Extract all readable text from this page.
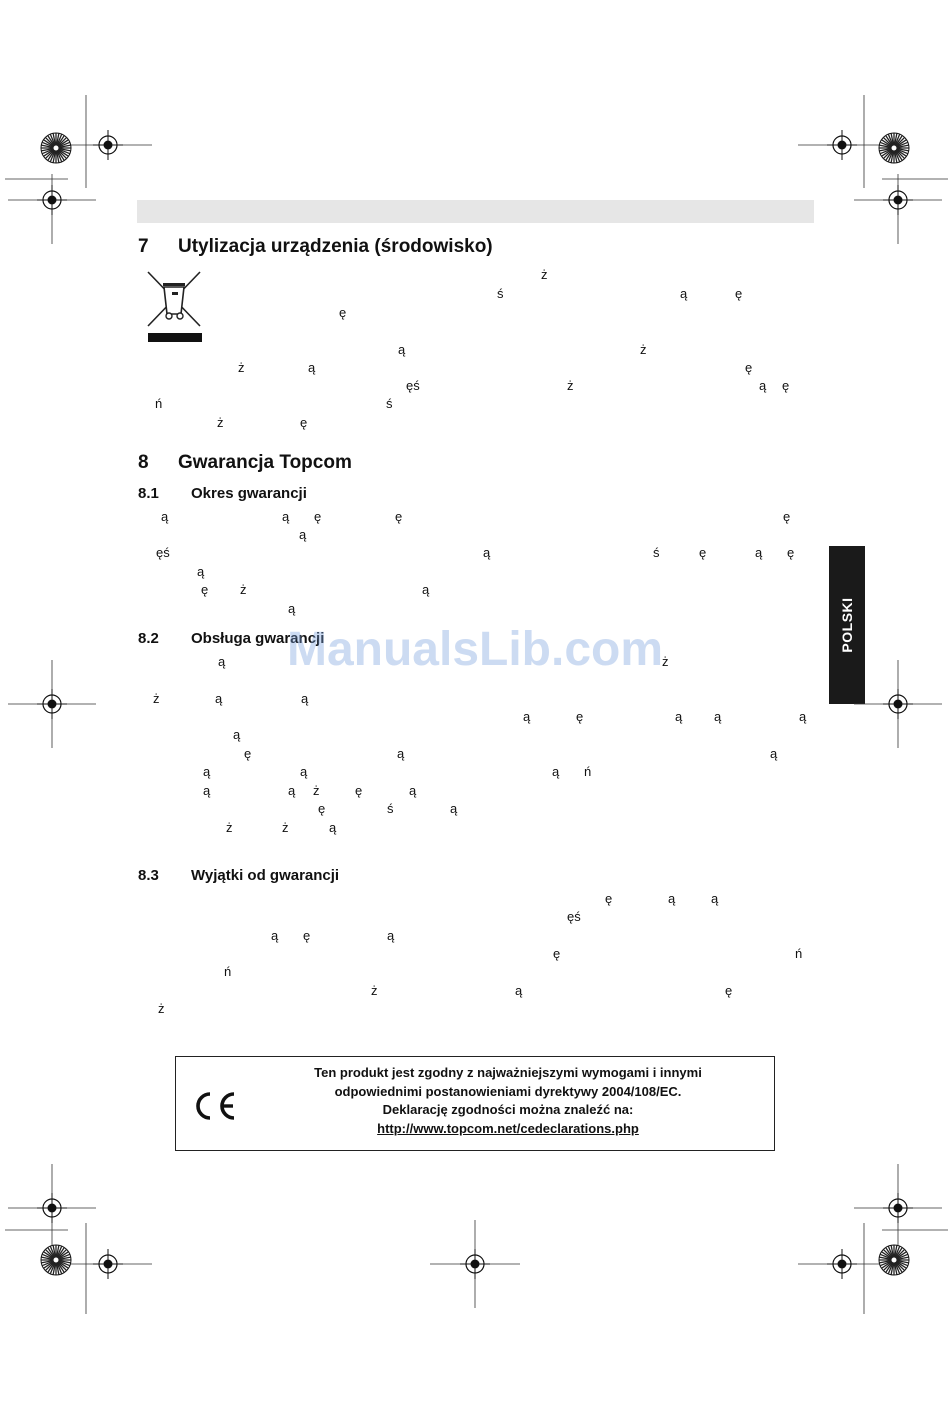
7 Utylizacja urządzenia (środowisko)
ż
ś	ą	ę
ę
ą	ż
ż	ą	ę
ęś	ż	ą ę
ń	ś
ż	ę
8 Gwarancja Topcom
8.1 Okres gwarancji
ą	ą ę	ę	ę
ą
ęś	ą	ś	ę	ą ę
ą
ę ż	ą
ą
8.2 Obsługa gwarancji
ą	ż
ż	ą	ą
ą	ę	ą ą	ą
ą
ę	ą	ą
ą	ą	ą ń
ą	ą ż	ę	ą
ę	ś	ą
ż	ż	ą
8.3 Wyjątki od gwarancji
ę	ą	ą
ęś
ą ę	ą
ę	ń
ń
ż	ą	ę
ż
POLSKI
Ten produkt jest zgodny z najważniejszymi wymogami i innymi
odpowiednimi postanowieniami dyrektywy 2004/108/EC.
Deklarację zgodności można znaleźć na:
http://www.topcom.net/cedeclarations.php
ManualsLib.com
